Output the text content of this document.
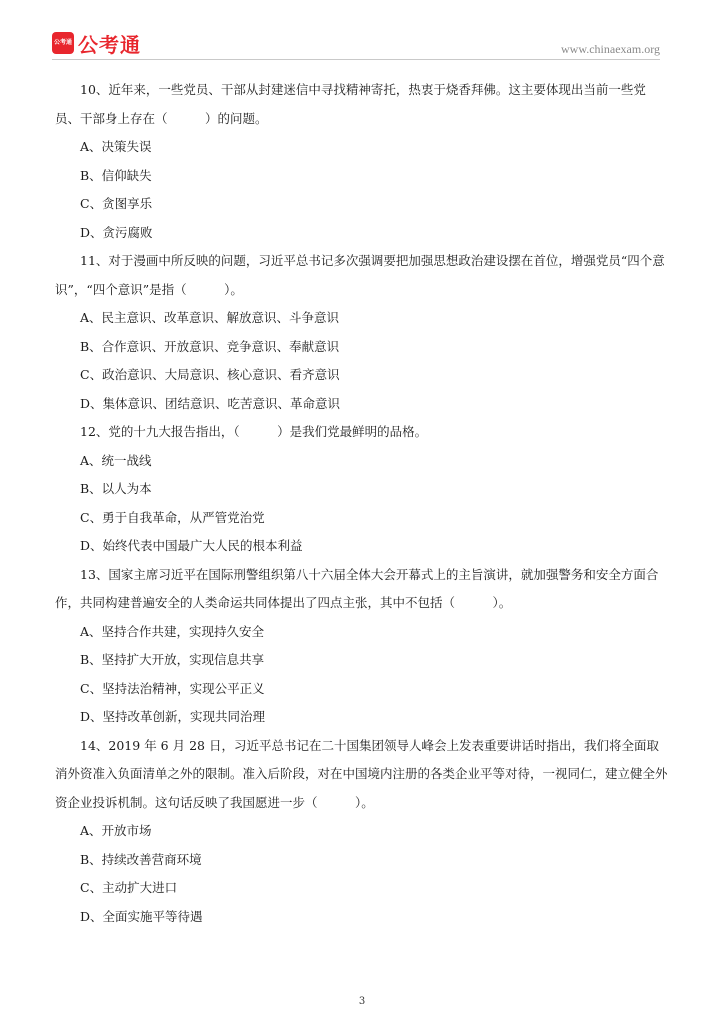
公考通 公考通	www.chinaexam.org

10、近年来，一些党员、干部从封建迷信中寻找精神寄托，热衷于烧香拜佛。这主要体现出当前一些党员、干部身上存在（　　　）的问题。

A、决策失误

B、信仰缺失

C、贪图享乐

D、贪污腐败

11、对于漫画中所反映的问题，习近平总书记多次强调要把加强思想政治建设摆在首位，增强党员“四个意识”，“四个意识”是指（　　　）。

A、民主意识、改革意识、解放意识、斗争意识

B、合作意识、开放意识、竞争意识、奉献意识

C、政治意识、大局意识、核心意识、看齐意识

D、集体意识、团结意识、吃苦意识、革命意识

12、党的十九大报告指出，（　　　）是我们党最鲜明的品格。

A、统一战线

B、以人为本

C、勇于自我革命，从严管党治党

D、始终代表中国最广大人民的根本利益

13、国家主席习近平在国际刑警组织第八十六届全体大会开幕式上的主旨演讲，就加强警务和安全方面合作，共同构建普遍安全的人类命运共同体提出了四点主张，其中不包括（　　　）。

A、坚持合作共建，实现持久安全

B、坚持扩大开放，实现信息共享

C、坚持法治精神，实现公平正义

D、坚持改革创新，实现共同治理

14、2019 年 6 月 28 日，习近平总书记在二十国集团领导人峰会上发表重要讲话时指出，我们将全面取消外资准入负面清单之外的限制。准入后阶段，对在中国境内注册的各类企业平等对待，一视同仁，建立健全外资企业投诉机制。这句话反映了我国愿进一步（　　　）。

A、开放市场

B、持续改善营商环境

C、主动扩大进口

D、全面实施平等待遇

3
